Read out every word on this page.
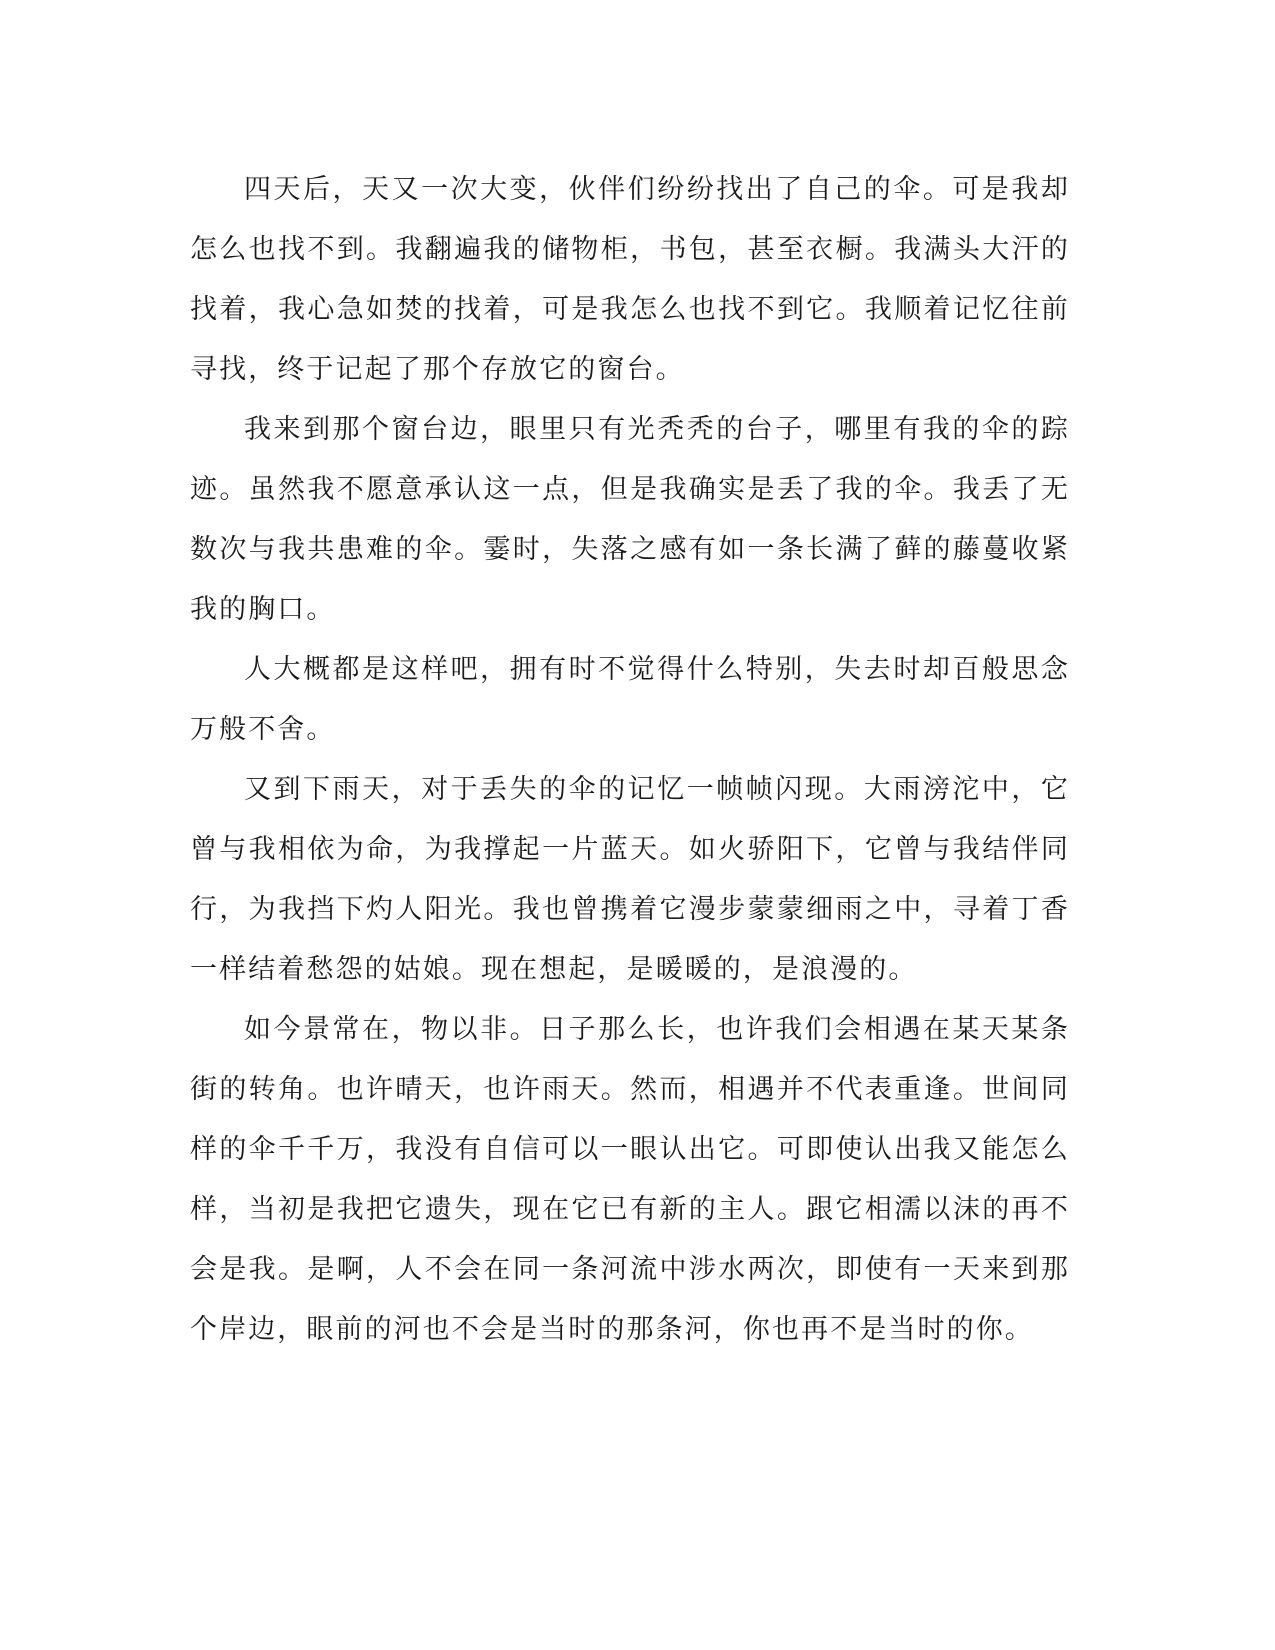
四天后，天又一次大变，伙伴们纷纷找出了自己的伞。可是我却怎么也找不到。我翻遍我的储物柜，书包，甚至衣橱。我满头大汗的找着，我心急如焚的找着，可是我怎么也找不到它。我顺着记忆往前寻找，终于记起了那个存放它的窗台。

我来到那个窗台边，眼里只有光秃秃的台子，哪里有我的伞的踪迹。虽然我不愿意承认这一点，但是我确实是丢了我的伞。我丢了无数次与我共患难的伞。霎时，失落之感有如一条长满了藓的藤蔓收紧我的胸口。

人大概都是这样吧，拥有时不觉得什么特别，失去时却百般思念万般不舍。

又到下雨天，对于丢失的伞的记忆一帧帧闪现。大雨滂沱中，它曾与我相依为命，为我撑起一片蓝天。如火骄阳下，它曾与我结伴同行，为我挡下灼人阳光。我也曾携着它漫步蒙蒙细雨之中，寻着丁香一样结着愁怨的姑娘。现在想起，是暖暖的，是浪漫的。

如今景常在，物以非。日子那么长，也许我们会相遇在某天某条街的转角。也许晴天，也许雨天。然而，相遇并不代表重逢。世间同样的伞千千万，我没有自信可以一眼认出它。可即使认出我又能怎么样，当初是我把它遗失，现在它已有新的主人。跟它相濡以沫的再不会是我。是啊，人不会在同一条河流中涉水两次，即使有一天来到那个岸边，眼前的河也不会是当时的那条河，你也再不是当时的你。
